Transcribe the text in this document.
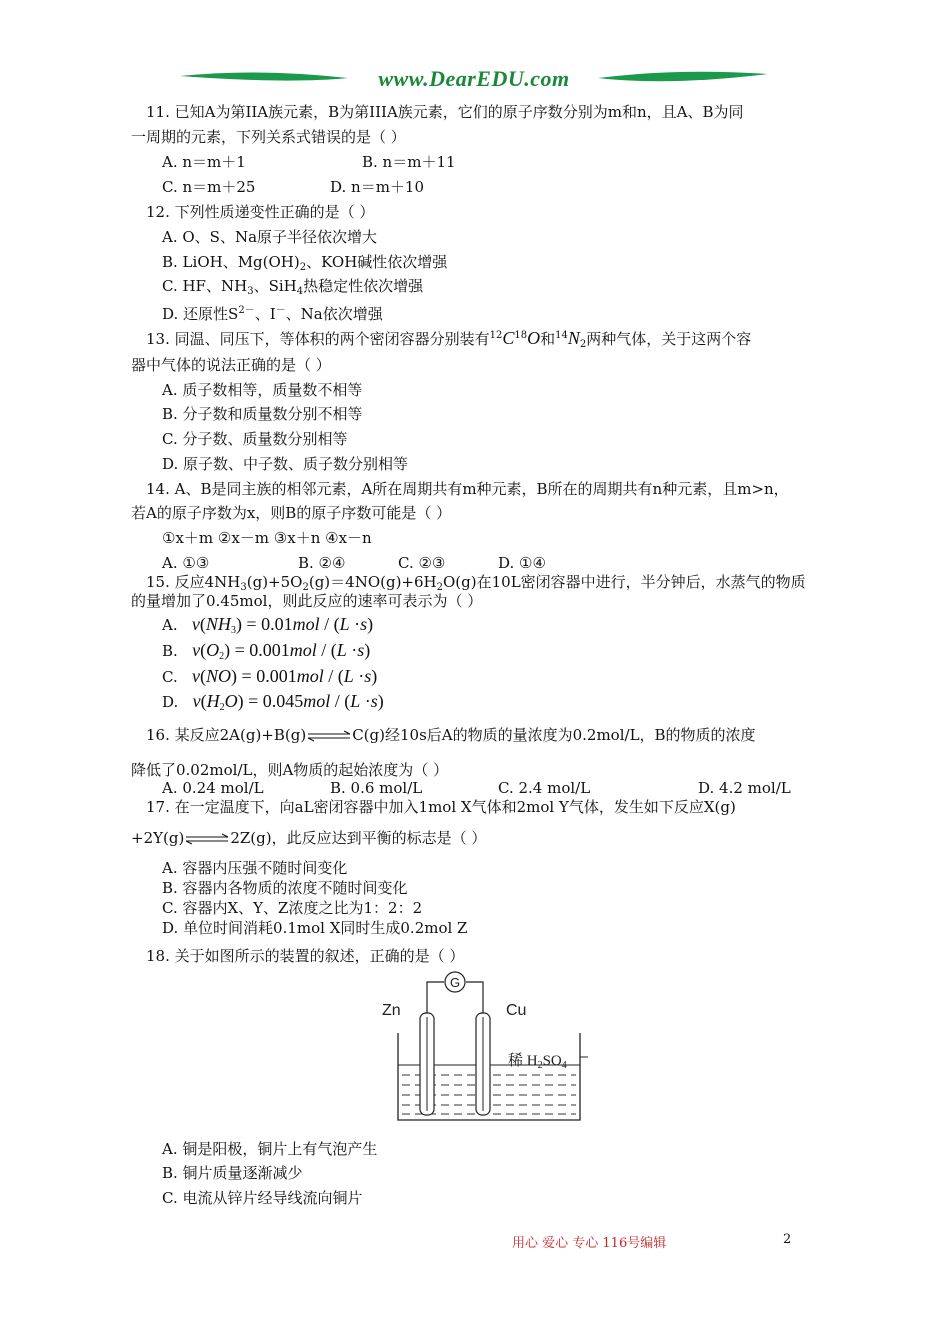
www.DearEDU.com
11. 已知A为第IIA族元素，B为第IIIA族元素，它们的原子序数分别为m和n，且A、B为同
一周期的元素，下列关系式错误的是（ ）
A. n＝m＋1	B. n＝m＋11
C. n＝m＋25	D. n＝m＋10
12. 下列性质递变性正确的是（ ）
A. O、S、Na原子半径依次增大
B. LiOH、$Mg(OH)_2$、KOH碱性依次增强
C. HF、$NH_3$、SiH$_4$热稳定性依次增强
D. 还原性$S^{2-}$、I－、Na依次增强
13. 同温、同压下，等体积的两个密闭容器分别装有$^{12}C^{18}O$和$^{14}N_2$两种气体，关于这两个容
器中气体的说法正确的是（ ）
A. 质子数相等，质量数不相等
B. 分子数和质量数分别不相等
C. 分子数、质量数分别相等
D. 原子数、中子数、质子数分别相等
14. A、B是同主族的相邻元素，A所在周期共有m种元素，B所在的周期共有n种元素，且m>n，
若A的原子序数为x，则B的原子序数可能是（ ）
①x＋m ②x－m ③x＋n ④x－n
A. ①③	B. ②④	C. ②③	D. ①④
15. 反应$4NH_3(g)+5O_2(g)=4NO(g)+6H_2O(g)$在10L密闭容器中进行，半分钟后，水蒸气的物质
的量增加了0.45mol，则此反应的速率可表示为（ ）
A. $v(NH_3) = 0.01mol / (L \cdot s)$
B. $v(O_2) = 0.001mol / (L \cdot s)$
C. v(NO) = 0.001mol / (L ·s)
D. $v(H_2O) = 0.045mol / (L \cdot s)$
16. 某反应2A(g)+B(g)⇌C(g)经10s后A的物质的量浓度为0.2mol/L，B的物质的浓度
降低了0.02mol/L，则A物质的起始浓度为（ ）
A. 0.24 mol/L	B. 0.6 mol/L	C. 2.4 mol/L	D. 4.2 mol/L
17. 在一定温度下，向aL密闭容器中加入1mol X气体和2mol Y气体，发生如下反应X(g)
+2Y(g)⇌2Z(g)，此反应达到平衡的标志是（ ）
A. 容器内压强不随时间变化
B. 容器内各物质的浓度不随时间变化
C. 容器内X、Y、Z浓度之比为1：2：2
D. 单位时间消耗0.1mol X同时生成0.2mol Z
18. 关于如图所示的装置的叙述，正确的是（ ）
G
Zn	Cu
稀 $H_2SO_4$
A. 铜是阳极，铜片上有气泡产生
B. 铜片质量逐渐减少
C. 电流从锌片经导线流向铜片
用心 爱心 专心 116号编辑	2
